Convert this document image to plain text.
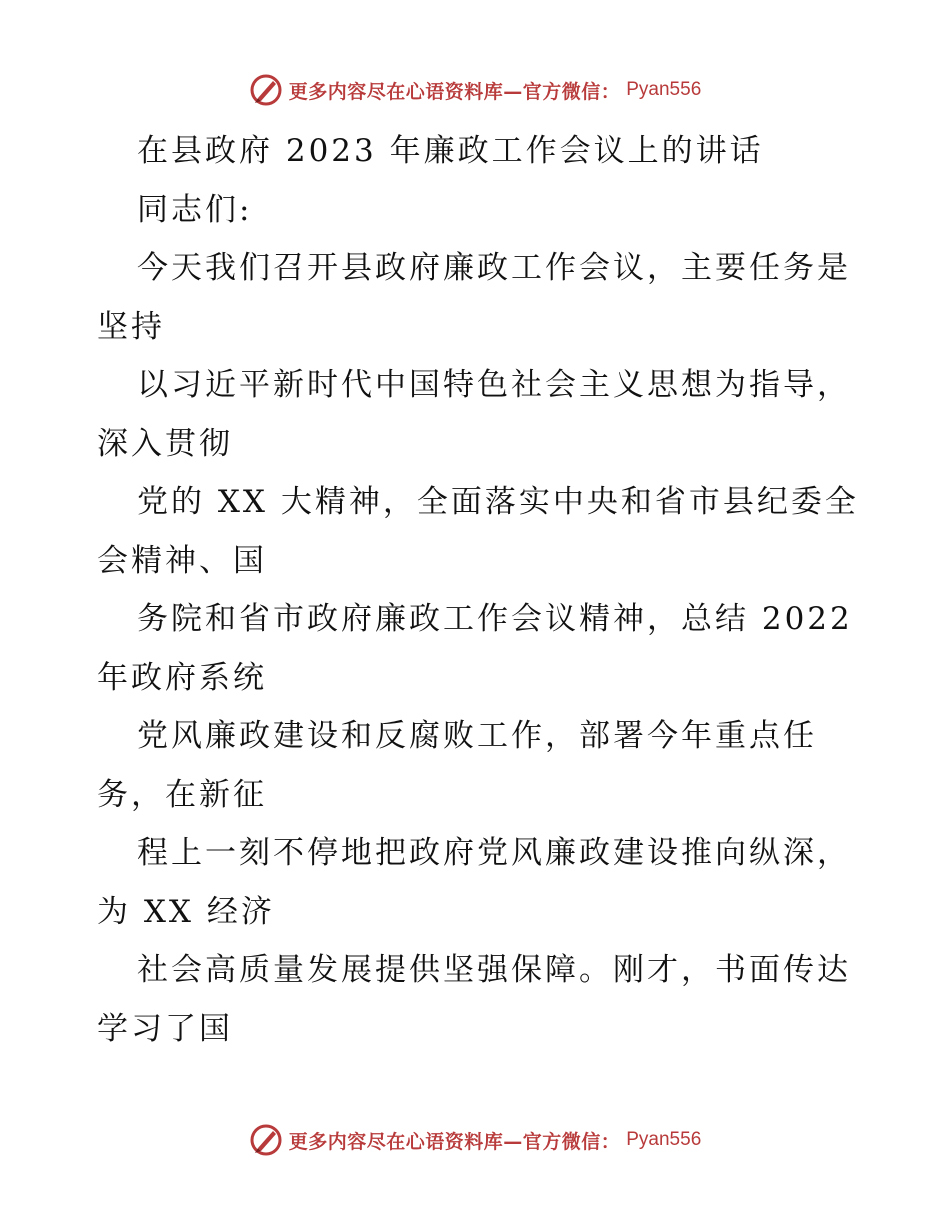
更多内容尽在心语资料库—官方微信： Pyan556
在县政府 2023 年廉政工作会议上的讲话
同志们:
今天我们召开县政府廉政工作会议，主要任务是
坚持
以习近平新时代中国特色社会主义思想为指导，
深入贯彻
党的 XX 大精神，全面落实中央和省市县纪委全
会精神、国
务院和省市政府廉政工作会议精神，总结 2022
年政府系统
党风廉政建设和反腐败工作，部署今年重点任
务，在新征
程上一刻不停地把政府党风廉政建设推向纵深，
为 XX 经济
社会高质量发展提供坚强保障。刚才，书面传达
学习了国
更多内容尽在心语资料库—官方微信： Pyan556
